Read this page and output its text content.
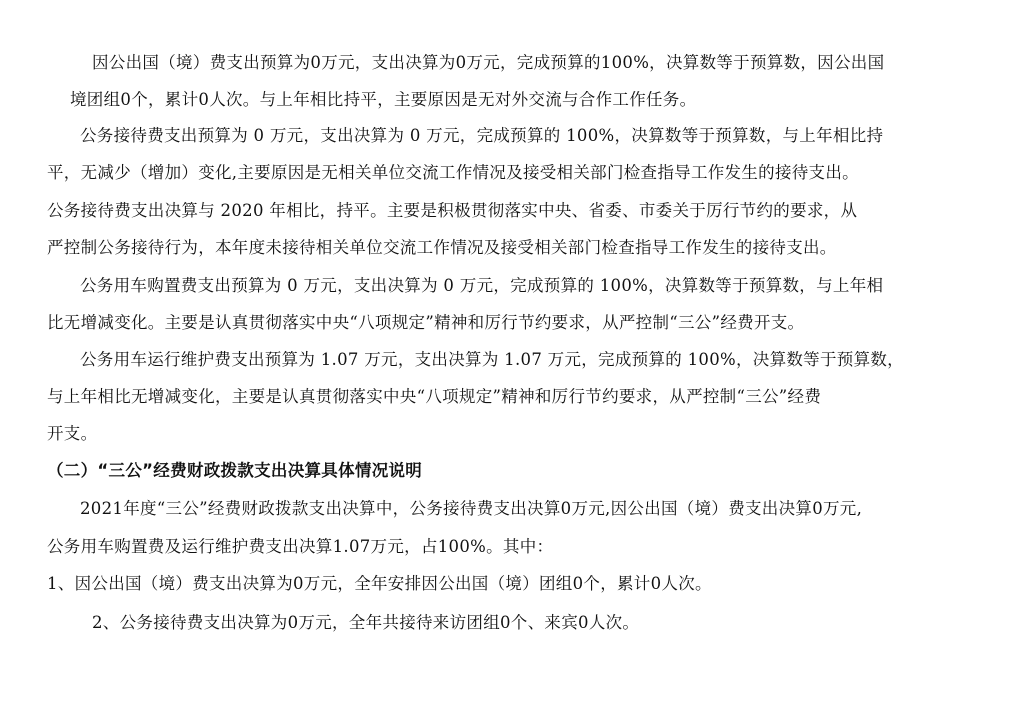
因公出国（境）费支出预算为0万元，支出决算为0万元，完成预算的100%，决算数等于预算数，因公出国
境团组0个，累计0人次。与上年相比持平，主要原因是无对外交流与合作工作任务。
公务接待费支出预算为 0 万元，支出决算为 0 万元，完成预算的 100%，决算数等于预算数，与上年相比持
平，无减少（增加）变化,主要原因是无相关单位交流工作情况及接受相关部门检查指导工作发生的接待支出。
公务接待费支出决算与 2020 年相比，持平。主要是积极贯彻落实中央、省委、市委关于厉行节约的要求，从
严控制公务接待行为，本年度未接待相关单位交流工作情况及接受相关部门检查指导工作发生的接待支出。
公务用车购置费支出预算为 0 万元，支出决算为 0 万元，完成预算的 100%，决算数等于预算数，与上年相
比无增减变化。主要是认真贯彻落实中央“八项规定”精神和厉行节约要求，从严控制“三公”经费开支。
公务用车运行维护费支出预算为 1.07 万元，支出决算为 1.07 万元，完成预算的 100%，决算数等于预算数，
与上年相比无增减变化，主要是认真贯彻落实中央“八项规定”精神和厉行节约要求，从严控制“三公”经费
开支。
（二）“三公”经费财政拨款支出决算具体情况说明
2021年度“三公”经费财政拨款支出决算中，公务接待费支出决算0万元,因公出国（境）费支出决算0万元,
公务用车购置费及运行维护费支出决算1.07万元，占100%。其中：
1、因公出国（境）费支出决算为0万元，全年安排因公出国（境）团组0个，累计0人次。
2、公务接待费支出决算为0万元，全年共接待来访团组0个、来宾0人次。
